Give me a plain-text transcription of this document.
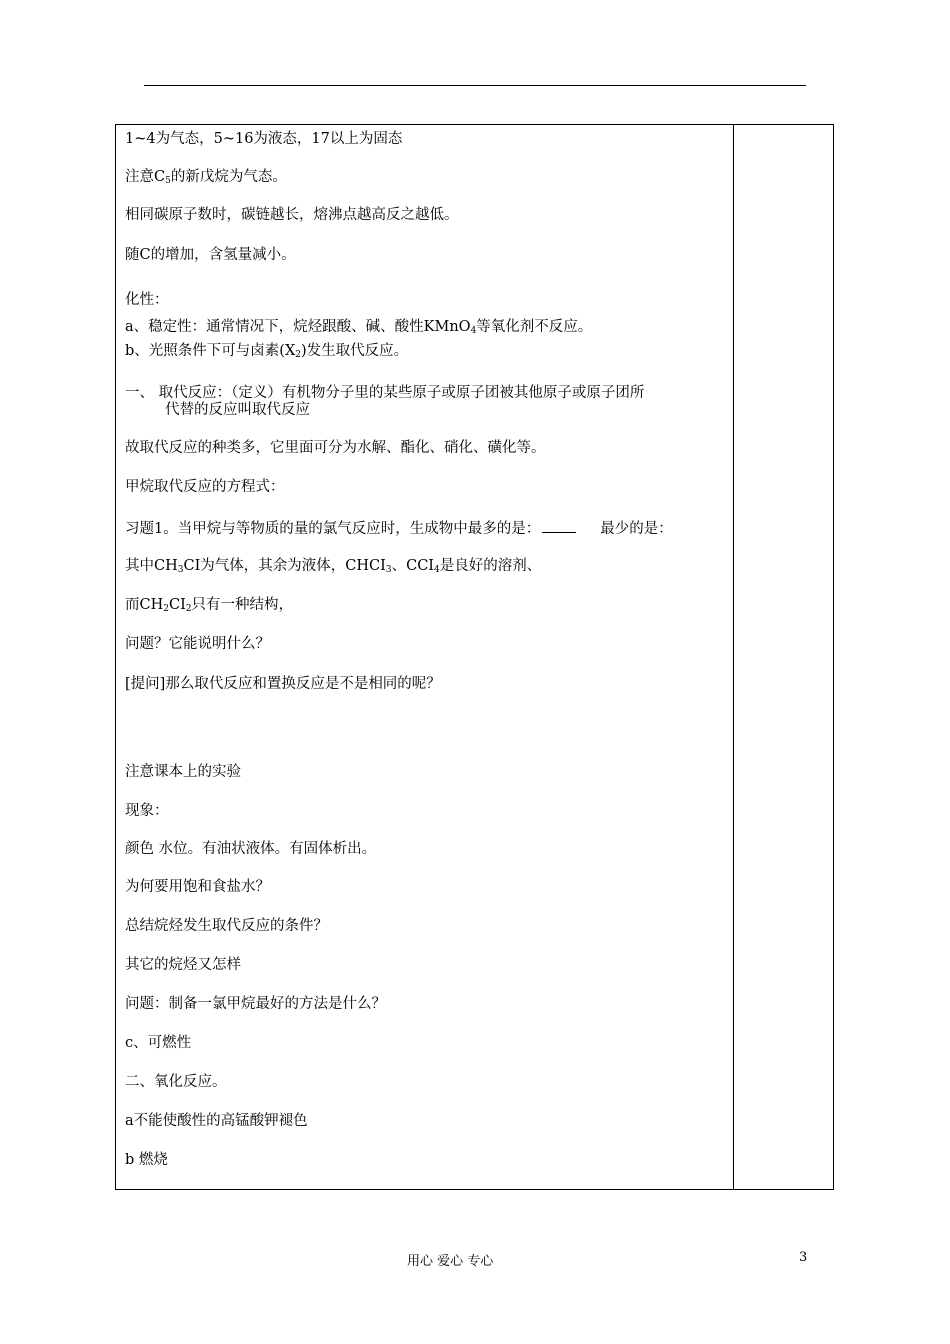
1~4为气态，5~16为液态，17以上为固态
注意$C_5$的新戊烷为气态。
相同碳原子数时，碳链越长，熔沸点越高反之越低。
随C的增加，含氢量减小。
化性：
a、稳定性：通常情况下，烷烃跟酸、碱、酸性KMnO$_4$等氧化剂不反应。
b、光照条件下可与卤素$(X_2)$发生取代反应。
一、 取代反应：（定义）有机物分子里的某些原子或原子团被其他原子或原子团所
代替的反应叫取代反应
故取代反应的种类多，它里面可分为水解、酯化、硝化、磺化等。
甲烷取代反应的方程式：
习题1。当甲烷与等物质的量的氯气反应时，生成物中最多的是：	最少的是：
其中$CH_3CI$为气体，其余为液体，$CHCI_3$、$CCI_4$是良好的溶剂、
而$CH_2CI_2$只有一种结构，
问题？它能说明什么？
[提问]那么取代反应和置换反应是不是相同的呢？
注意课本上的实验
现象：
颜色 水位。有油状液体。有固体析出。
为何要用饱和食盐水？
总结烷烃发生取代反应的条件？
其它的烷烃又怎样
问题：制备一氯甲烷最好的方法是什么？
c、可燃性
二、氧化反应。
a不能使酸性的高锰酸钾褪色
b 燃烧
用心 爱心 专心	3
